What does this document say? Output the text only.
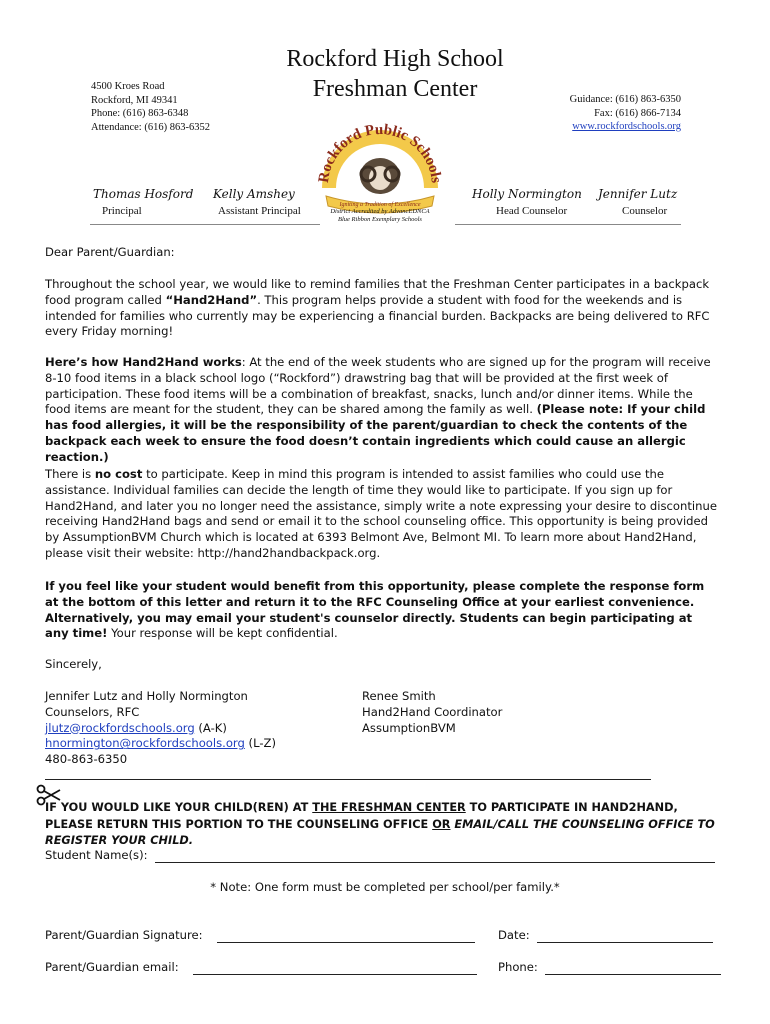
4500 Kroes Road
Rockford, MI 49341
Phone: (616) 863-6348
Attendance: (616) 863-6352
Rockford High School
Freshman Center	Guidance: (616) 863-6350
Fax: (616) 866-7134
www.rockfordschools.org
Rockford Public Schools
Igniting a Tradition of Excellence
District Accredited by AdvancEDNCA
Blue Ribbon Exemplary Schools
Thomas Hosford
Principal
Kelly Amshey
Assistant Principal
Holly Normington
Head Counselor
Jennifer Lutz
Counselor
Dear Parent/Guardian:

Throughout the school year, we would like to remind families that the Freshman Center participates in a backpack food program called “Hand2Hand”. This program helps provide a student with food for the weekends and is intended for families who currently may be experiencing a financial burden. Backpacks are being delivered to RFC every Friday morning!

Here’s how Hand2Hand works: At the end of the week students who are signed up for the program will receive 8-10 food items in a black school logo (“Rockford”) drawstring bag that will be provided at the first week of participation. These food items will be a combination of breakfast, snacks, lunch and/or dinner items. While the food items are meant for the student, they can be shared among the family as well. (Please note: If your child has food allergies, it will be the responsibility of the parent/guardian to check the contents of the backpack each week to ensure the food doesn’t contain ingredients which could cause an allergic reaction.)

There is no cost to participate. Keep in mind this program is intended to assist families who could use the assistance. Individual families can decide the length of time they would like to participate. If you sign up for Hand2Hand, and later you no longer need the assistance, simply write a note expressing your desire to discontinue receiving Hand2Hand bags and send or email it to the school counseling office. This opportunity is being provided by AssumptionBVM Church which is located at 6393 Belmont Ave, Belmont MI. To learn more about Hand2Hand, please visit their website: http://hand2handbackpack.org.

If you feel like your student would benefit from this opportunity, please complete the response form at the bottom of this letter and return it to the RFC Counseling Office at your earliest convenience. Alternatively, you may email your student's counselor directly. Students can begin participating at any time! Your response will be kept confidential.

Sincerely,
Jennifer Lutz and Holly Normington
Counselors, RFC
jlutz@rockfordschools.org (A-K)
hnormington@rockfordschools.org (L-Z)
480-863-6350
Renee Smith
Hand2Hand Coordinator
AssumptionBVM

IF YOU WOULD LIKE YOUR CHILD(REN) AT THE FRESHMAN CENTER TO PARTICIPATE IN HAND2HAND, PLEASE RETURN THIS PORTION TO THE COUNSELING OFFICE OR EMAIL/CALL THE COUNSELING OFFICE TO REGISTER YOUR CHILD.

Student Name(s):
* Note: One form must be completed per school/per family.*
Parent/Guardian Signature:	Date:
Parent/Guardian email:	Phone:
